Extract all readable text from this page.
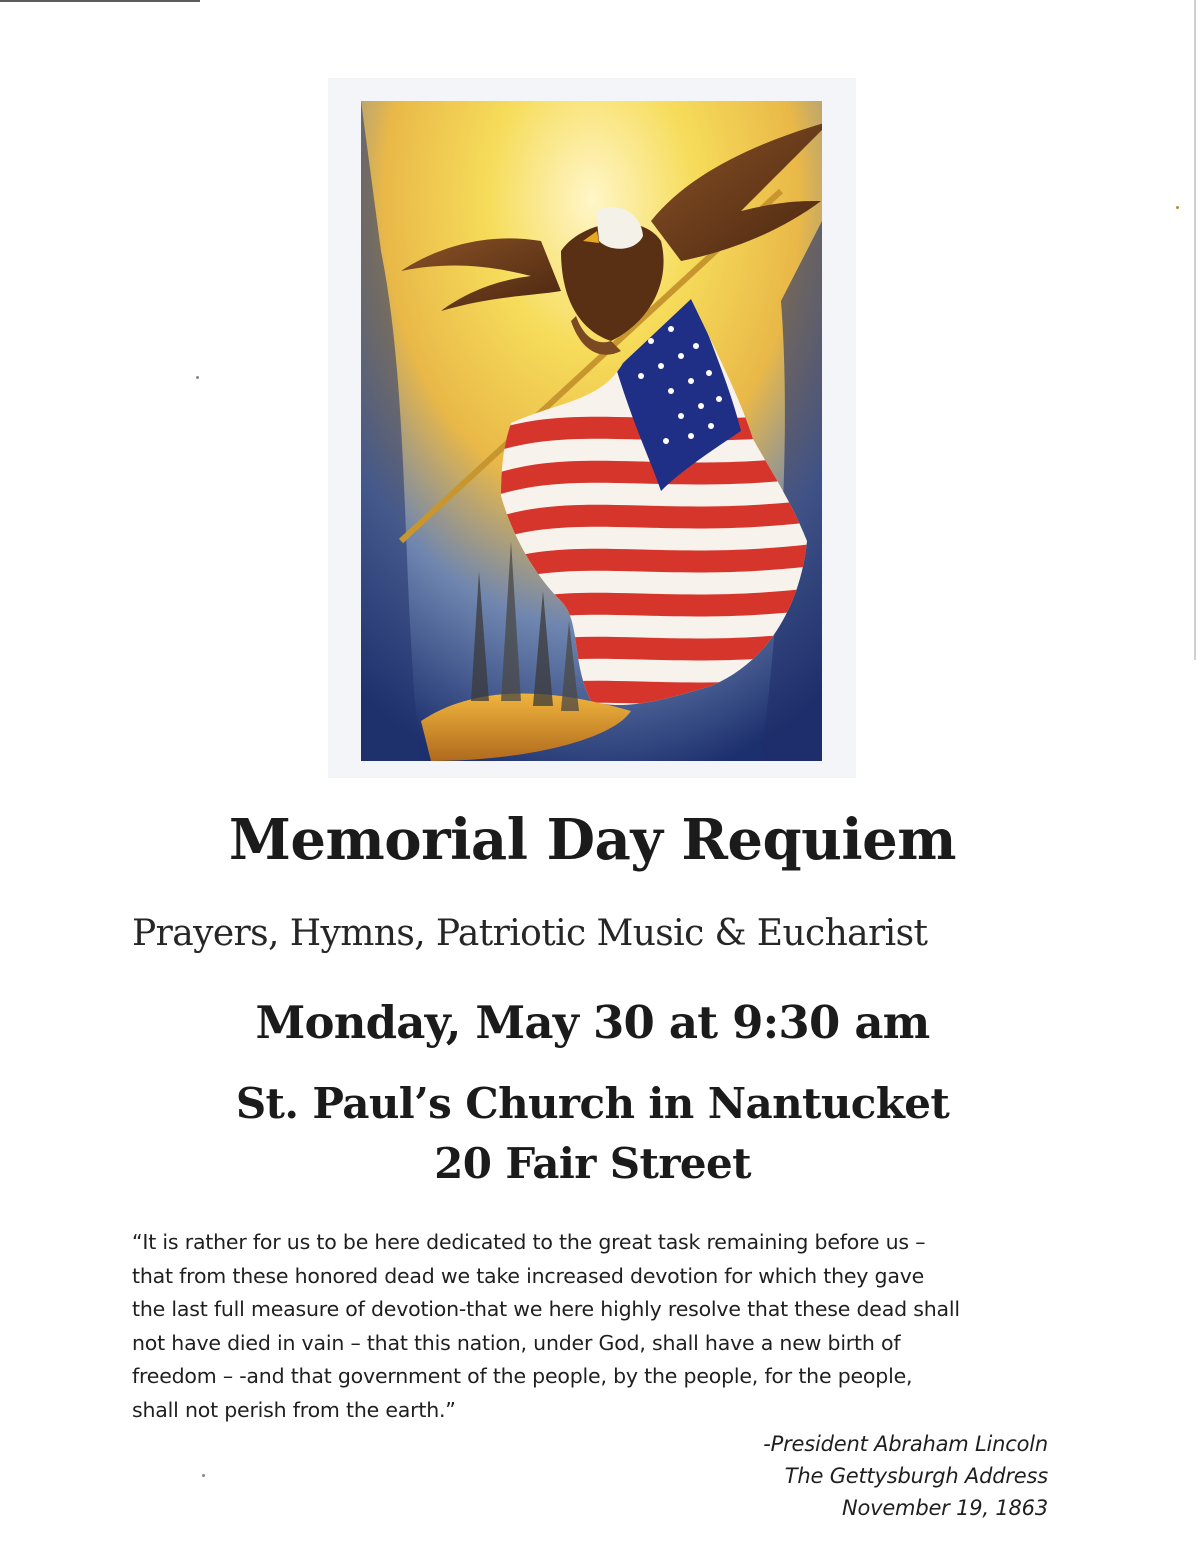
Memorial Day Requiem
Prayers, Hymns, Patriotic Music & Eucharist
Monday, May 30 at 9:30 am
St. Paul’s Church in Nantucket
20 Fair Street
“It is rather for us to be here dedicated to the great task remaining before us –
that from these honored dead we take increased devotion for which they gave
the last full measure of devotion-that we here highly resolve that these dead shall
not have died in vain – that this nation, under God, shall have a new birth of
freedom – -and that government of the people, by the people, for the people,
shall not perish from the earth.”
-President Abraham Lincoln
The Gettysburgh Address
November 19, 1863
